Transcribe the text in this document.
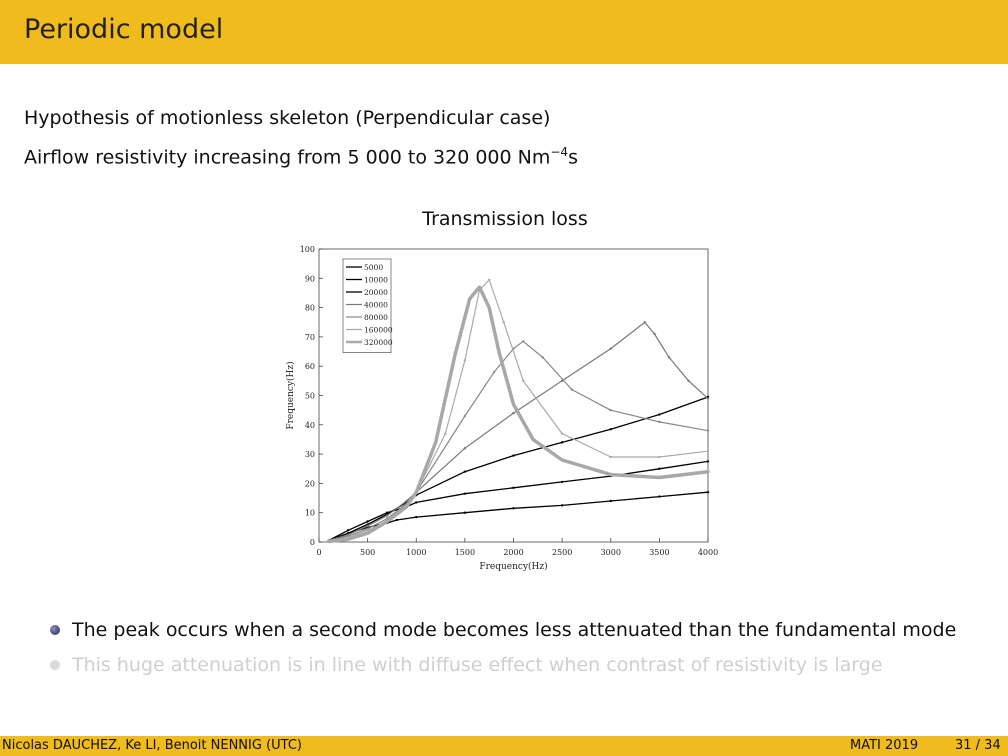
Periodic model
Hypothesis of motionless skeleton (Perpendicular case)
Airflow resistivity increasing from 5 000 to 320 000 $Nm^{-4}s$
Transmission loss
0	500	1000	1500	2000	2500	3000	3500	4000
0
10
20
30
40
50
60
70
80
90
100
Frequency(Hz)
Frequency(Hz)
5000
10000
20000
40000
80000
160000
320000
The peak occurs when a second mode becomes less attenuated than the fundamental mode
This huge attenuation is in line with diffuse effect when contrast of resistivity is large
Nicolas DAUCHEZ, Ke LI, Benoit NENNIG (UTC)	MATI 2019	31 / 34
